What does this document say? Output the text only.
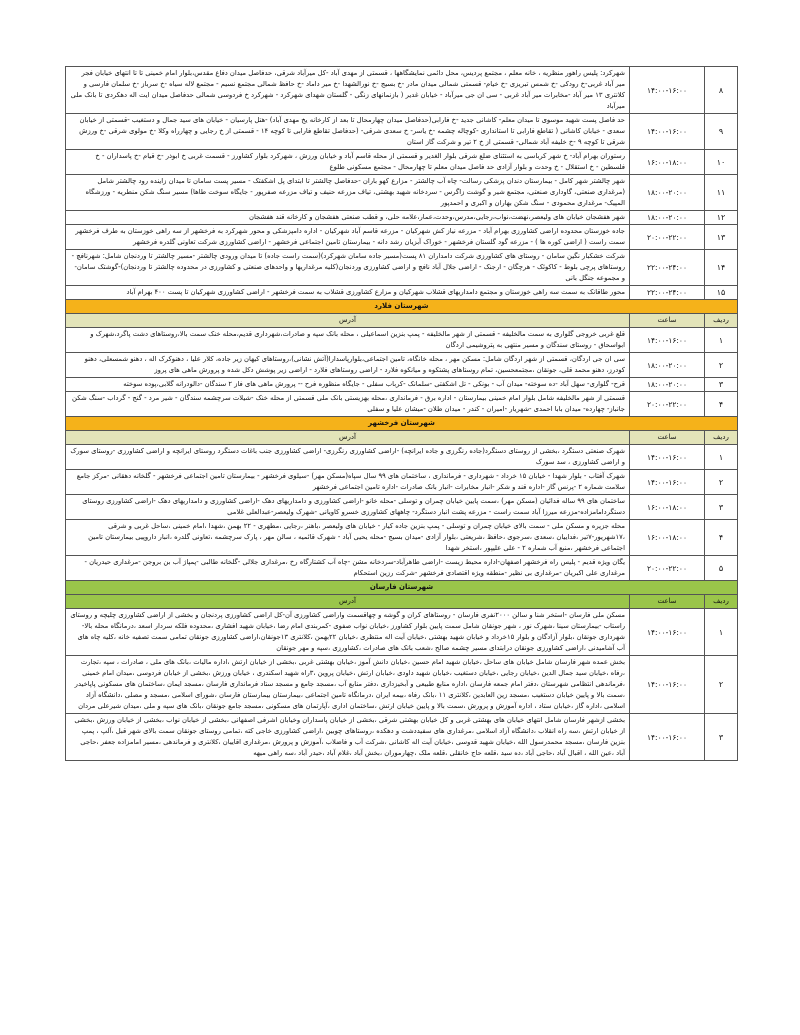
۸	۱۴:۰۰-۱۶:۰۰	شهرکرد: پلیس راهور منظریه ، خانه معلم ، مجتمع پردیس، محل دائمی نمایشگاهها ، قسمتی از مهدی آباد -کل میرآباد شرقی، حدفاصل میدان دفاع مقدس،بلوار امام خمینی تا تا انتهای خیابان فجر میر آباد غربی-خ رودکی -خ شمس تبریزی -خ خیام- قسمتی شمالی میدان مادر -خ بسیج -خ نورالشهدا -خ میر داماد -خ حافظ شمالی مجتمع نسیم - مجتمع لاله سیاه -خ سرباز -خ سلمان فارسی و کلانتری ۱۳ میر آباد -مخابرات میر آباد غربی - سی ان جی میرآباد - خیابان غدیر ( بازنمانهای زنگی - گلستان شهدای شهرکرد - شهرکرد خ فردوسی شمالی حدفاصل میدان ایت اله دهکردی تا بانک ملی میرآباد
۹	۱۴:۰۰-۱۶:۰۰	حد فاصل پست شهید موسوی تا میدان معلم- کاشانی جدید -خ فارابی(حدفاصل میدان چهارمحال تا بعد از کارخانه یخ مهدی آباد) -هتل پارسیان - خیابان های سید جمال و دستغیب -قسمتی از خیابان سعدی - خیابان کاشانی ( تقاطع فارابی تا استانداری -کوچاله چشمه -خ یاسر- خ سعدی شرقی- (حدفاصل تقاطع فارابی تا کوچه ۱۴ - قسمتی از خ رجایی و چهارراه وکلا -خ مولوی شرقی -خ ورزش شرقی تا کوچه ۹ -خ خلیفه آباد شمالی- قسمتی از خ ۲ تیر و شرکت گاز استان
۱۰	۱۶:۰۰-۱۸:۰۰	رستوران بهرام آباد- خ شهر کرباسی به استثنای ضلع شرقی بلوار الغدیر و قسمتی از محله قاسم آباد و خیابان ورزش ، شهرکرد بلوار کشاورز - قسمت غربی خ ابوذر -خ قیام -خ پاسداران - خ فلسطین - خ استقلال - خ وحدت و بلوار آزادی حد فاصل میدان معلم تا چهارمحال - مجتمع مسکونی طلوع
۱۱	۱۸:۰۰-۲۰:۰۰	شهر چالشتر شهر کامل - بیمارستان دندان پزشکی رسالت- چاه آب چالشتر - مزارع کهو باران -حدفاصل چالشتر تا ابتدای پل اشکفتک - مسیر پست سامان تا میدان زاینده رود چالشتر شامل (مرغداری صنعتی، گاوداری صنعتی، مجتمع شیر و گوشت زاگرس - سردخانه شهید بهشتی، تیاف مزرعه حنیف و تیاف مزرعه صفرپور - جایگاه سوخت طاها) مسیر سنگ شکن منطریه - ورزشگاه المپیک- مرغداری محمودی - سنگ شکن بهاران و اکبری و احمدپور
۱۲	۱۸:۰۰-۲۰:۰۰	شهر هفشجان خیابان های ولیعصر،نهضت،نواب،رجایی،مدرس،وحدت،عمار،علامه حلی، و قطب صنعتی هفشجان و کارخانه قند هفشجان
۱۳	۲۰:۰۰-۲۲:۰۰	جاده خوزستان محدوده اراضی کشاورزی بهرام آباد - مزرعه نیاز کش شهرکیان - مزرعه قاسم آباد شهرکیان - اداره دامپزشکی و محور شهرکرد به فرخشهر از سه راهی خوزستان به طرف فرخشهر سمت راست ( اراضی کوره ها ) - مزرعه گود گلستان فرخشهر - خوراک آبزیان رشد دانه - بیمارستان تامین اجتماعی فرخشهر - اراضی کشاورزی شرکت تعاونی گلدره فرخشهر
۱۴	۲۲:۰۰-۲۴:۰۰	شرکت خشکبار نگین سامان - روستای های کشاورزی شرکت دامداران ۸۱ پست(مسیر جاده سامان شهرکرد)(سمت راست جاده) تا میدان ورودی چالشتر -مسیر چالشتر تا وردنجان شامل: شهرنافچ - روستاهای پرچی بلوط - کاکوئک - هرچگان - ارجنک - اراضی جلال آباد نافچ و اراضی کشاورزی وردنجان(کلیه مرغداریها و واحدهای صنعتی و کشاورزی در محدوده چالشتر تا وردنجان)-گوشتک سامان- و مجموعه جنگل بانی
۱۵	۲۲:۰۰-۲۴:۰۰	محور طاقانک به سمت سه راهی خوزستان و مجتمع دامداریهای قشلاب شهرکیان و مزارع کشاورزی قشلاب به سمت فرخشهر - اراضی کشاورزی شهرکیان تا پست ۴۰۰ بهرام آباد
شهرستان فلارد		
ردیف	ساعت	آدرس
۱	۱۴:۰۰-۱۶:۰۰	قلع غربی خروجی گلواری به سمت مالخلیفه - قسمتی از شهر مالخلیفه - پمپ بنزین اسماعیلی ، محله بانک سپه و صادرات،شهرداری قدیم،محله خنک سمت بالا،روستاهای دشت پاگرد،شهرک و ابواسحاق - روستای سندگان و مسیر منتهی به پتروشیمی اردگان
۲	۱۸:۰۰-۲۰:۰۰	سی ان جی اردگان، قسمتی از شهر اردگان شامل: مسکن مهر ، محله خانگاه، تامین اجتماعی،بلوارپاسدارا(آتش نشانی)،روستاهای کیهان زیر جاده، کلار علیا ، دهنوکرک اله ، دهنو شمسعلی، دهنو کودرز، دهنو محمد قلی، جونقان ،مجتمعحسین، تمام روستاهای پشتکوه و میانکوه فلارد - اراضی روستاهای فلارد - اراضی زیر پوشش دکل شده و پرورش ماهی های پروز
۳	۱۸:۰۰-۲۰:۰۰	قرح- گلواری- سهل آباد -ده سوخته- میدان آب - بونکی - تل اشکفتی -سلمانک -کرباب سفلی - جایگاه منظوره فرح -- پرورش ماهی های فاز ۲ سندگان -دالودرانه گلابی،پوده سوخته
۴	۲۰:۰۰-۲۲:۰۰	قسمتی از شهر مالخلیفه شامل بلوار امام خمینی بیمارستان - اداره برق - فرمانداری ،محله بهزیستی بانک ملی قسمتی از محله خنک -شیلات سرچشمه سندگان - شیر مرد - گنج - گرداب -سنگ شکن جانباز- چهارده- میدان بابا احمدی -شهریار -امیران - کندر - میدان طلان -میشان علیا و سفلی
شهرستان فرخشهر		
ردیف	ساعت	آدرس
۱	۱۴:۰۰-۱۶:۰۰	شهرک صنعتی دستگرد ،بخشی از روستای دستگرد(جاده رنگرزی و جاده ایرانچه) -اراضی کشاورزی رنگرزی- اراضی کشاورزی جنب باغات دستگرد روستای ایرانچه و اراضی کشاورزی -روستای سورک و اراضی کشاورزی ، سد سورک
۲	۱۴:۰۰-۱۶:۰۰	شهرک آفتاب - بلوار شهدا - خیابان ۱۵ خرداد - شهرداری - فرمانداری ، ساختمان های ۹۹ سال سپاه(مسکن مهر) -سیلوی فرخشهر - بیمارستان تامین اجتماعی فرخشهر - گلخانه دهقانی -مرکز جامع سلامت شماره ۲ -پرنس گاز -اداره قند و شکر -انبار مخابرات -انبار بانک صادرات -اداره تامین اجتماعی فرخشهر
۳	۱۶:۰۰-۱۸:۰۰	ساختمان های ۹۹ ساله فدائیان (مسکن مهر) ،سمت پایین خیابان چمران و توسلی -محله خانو -اراضی کشاورزی و دامداریهای دهک -اراضی کشاورزی و دامداریهای دهک -اراضی کشاورزی روستای دستگردامامزاده-مزرعه میرزا آباد سمت راست - مزرعه پشت انبار دستگرد- چاههای کشاورزی خسرو کاویانی -شهرک ولیعصر-عبدالعلی غلامی
۴	۱۶:۰۰-۱۸:۰۰	محله جزیره و مسکن ملی - سمت بالای خیابان چمران و توسلی - پمپ بنزین جاده کیار - خیابان های ولیعصر ،باهنر ،رجایی ،مطهری - ۲۲ بهمن ،شهدا ،امام خمینی ،ساحل غربی و شرقی ،۱۷شهریور-۷تیر ،فداییان ،سعدی ،سرجوی ،حافظ ،شریعتی ،بلوار آزادی -میدان بسیج -محله یحیی آباد - شهرک قائمیه ، سالن مهر ، پارک سرچشمه ،تعاونی گلدره ،انبار داروپیی بیمارستان تامین اجتماعی فرخشهر ،منبع آب شماره ۲ - علی علیپور ،استخر شهدا
۵	۲۰:۰۰-۲۲:۰۰	یگان ویژه قدیم - پلیس راه فرخشهر اصفهان-اداره محیط زیست -اراضی طاهرآباد-سردخانه مشن -چاه آب کشتارگاه رخ ،مرغداری جلالی -گلخانه طالبی -پمپاژ آب بن بروجن -مرغداری حیدریان - مرغداری علی اکبریان -مرغداری بی نظیر -منطقه ویژه اقتصادی فرخشهر -شرکت رزین استحکام
شهرستان فارسان		
ردیف	ساعت	آدرس
۱	۱۴:۰۰-۱۶:۰۰	مسکن ملی فارسان -استخر شنا و سالن ۲۰۰۰نفری فارسان - روستاهای کران و گوشه و چهاقسمت واراضی کشاورزی آن-کل اراضی کشاورزی پردنجان و بخشی از اراضی کشاورزی چلیچه و روستای راستاب -بیمارستان سینا ،شهرک نور ، شهر جونقان شامل سمت پایین بلوار کشاورز ،خیابان نواب صفوی -کمربندی امام رضا ،خیابان شهید افشاری ،محدوده فلکه سردار اسعد ،درمانگاه محله بالا- شهرداری جونقان ،بلوار آزادگان و بلوار ۱۵خرداد و خیابان شهید بهشتی ،خیابان آیت اله منتظری ،خیابان ۲۲بهمن ،کلانتری ۱۳جونقان،اراضی کشاورزی جونقان تمامی سمت تصفیه خانه ،کلیه چاه های آب آشامیدنی ،اراضی کشاورزی جونقان درابتدای مسیر چشمه صالح ،شعب بانک های صادرات ،کشاورزی ،سپه و مهر جونقان
۲	۱۴:۰۰-۱۶:۰۰	بخش عمده شهر فارسان شامل خیابان های ساحل ،خیابان شهید امام حسین ،خیابان دانش آموز ،خیابان بهشتی غربی ،بخشی از خیابان ارتش ،اداره مالیات ،بانک های ملی ، صادرات ، سپه ،تجارت ،رفاه ،خیابان سید جمال الدین ،خیابان رجایی ،خیابان دستغیب ،خیابان شهید داودی ،خیابان ارتش ،خیابان پروین ،۳راه شهید اسکندری ، خیابان ورزش ،بخشی از خیابان فردوسی ،میدان امام خمینی ،فرماندهی انتظامی شهرستان ،دفتر امام جمعه فارسان ،اداره منابع طبیعی و آبخیزداری ،دفتر منابع آب ،مسجد جامع و مسجد ستاد فرمانداری فارسان ،مسجد ایمان ،ساختمان های مسکونی پاپاخیدر ،سمت بالا و پایین خیابان دستغیب ،مسجد زین العابدین ،کلانتری ۱۱ ،بانک رفاه ،بیمه ایران ،درمانگاه تامین اجتماعی ،بیمارستان بیمارستان فارسان ،شورای اسلامی ،مسجد و مصلی ،دانشگاه آزاد اسلامی ،اداره گاز ،خیابان ستاد ، اداره آموزش و پرورش ،سمت بالا و پایین خیابان ارتش ،ساختمان اداری ،آپارتمان های مسکونی ،مسجد جامع جونقان ،بانک های سپه و ملی ،میدان شیرعلی مردان
۳	۱۴:۰۰-۱۶:۰۰	بخشی ازشهر فارسان شامل انتهای خیابان های بهشتی غربی و کل خیابان بهشتی شرقی ،بخشی از خیابان پاسداران وخیابان اشرفی اصفهانی ،بخشی از خیابان نواب ،بخشی از خیابان ورزش ،بخشی از خیابان ارتش ،سه راه انقلاب ،دانشگاه آزاد اسلامی ،مرغداری های سفیددشت و دهکده ،روستاهای چوبین ،اراضی کشاورزی خاجی کته ،تمامی روستای جونقان سمت بالای شهر قبل ،آلپ ، پمپ بنزین فارسان ،مسجد محمدرسول الله ،خیابان شهید قدوسی ،خیابان آیت اله کاشانی ،شرکت آب و فاضلاب ،آموزش و پرورش ،مرغداری اقاییان ،کلانتری و فرماندهی ،مسیر امامزاده جعفر ،حاجی آباد ،عین الله ، اقبال آباد ،حاجی آباد ،ده سید ،قلعه حاج خانقلی ،قلعه ملک ،چهارموران ،بخش آباد ،غلام آباد ،حیدر آباد ،سه راهی میهه
